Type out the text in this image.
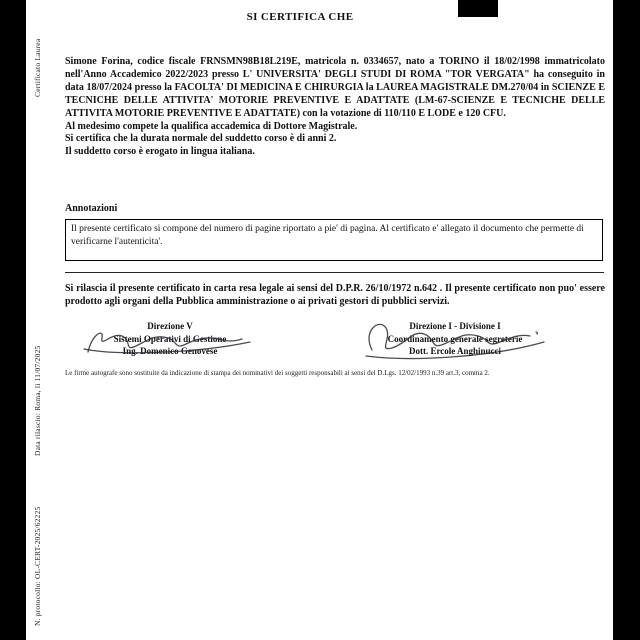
Certificato Laurea
Data rilascio: Roma, lì 11/07/2025
N. protocollo: OL-CERT-2025/62225
SI CERTIFICA CHE
Simone Forina, codice fiscale FRNSMN98B18L219E, matricola n. 0334657, nato a TORINO il 18/02/1998 immatricolato nell'Anno Accademico 2022/2023 presso L' UNIVERSITA' DEGLI STUDI DI ROMA "TOR VERGATA" ha conseguito in data 18/07/2024 presso la FACOLTA' DI MEDICINA E CHIRURGIA la LAUREA MAGISTRALE DM.270/04 in SCIENZE E TECNICHE DELLE ATTIVITA' MOTORIE PREVENTIVE E ADATTATE (LM-67-SCIENZE E TECNICHE DELLE ATTIVITA MOTORIE PREVENTIVE E ADATTATE) con la votazione di 110/110 E LODE e 120 CFU.
Al medesimo compete la qualifica accademica di Dottore Magistrale.
Si certifica che la durata normale del suddetto corso è di anni 2.
Il suddetto corso è erogato in lingua italiana.
Annotazioni
Il presente certificato si compone del numero di pagine riportato a pie' di pagina. Al certificato e' allegato il documento che permette di verificarne l'autenticita'.
Si rilascia il presente certificato in carta resa legale ai sensi del D.P.R. 26/10/1972 n.642 . Il presente certificato non puo' essere prodotto agli organi della Pubblica amministrazione o ai privati gestori di pubblici servizi.
Direzione V
Sistemi Operativi di Gestione
Ing. Domenico Genovese
Direzione I - Divisione I
Coordinamento generale segreterie
Dott. Ercole Anghinucci
Le firme autografe sono sostituite da indicazione di stampa dei nominativi dei soggetti responsabili ai sensi del D.Lgs. 12/02/1993 n.39 art.3, comma 2.
